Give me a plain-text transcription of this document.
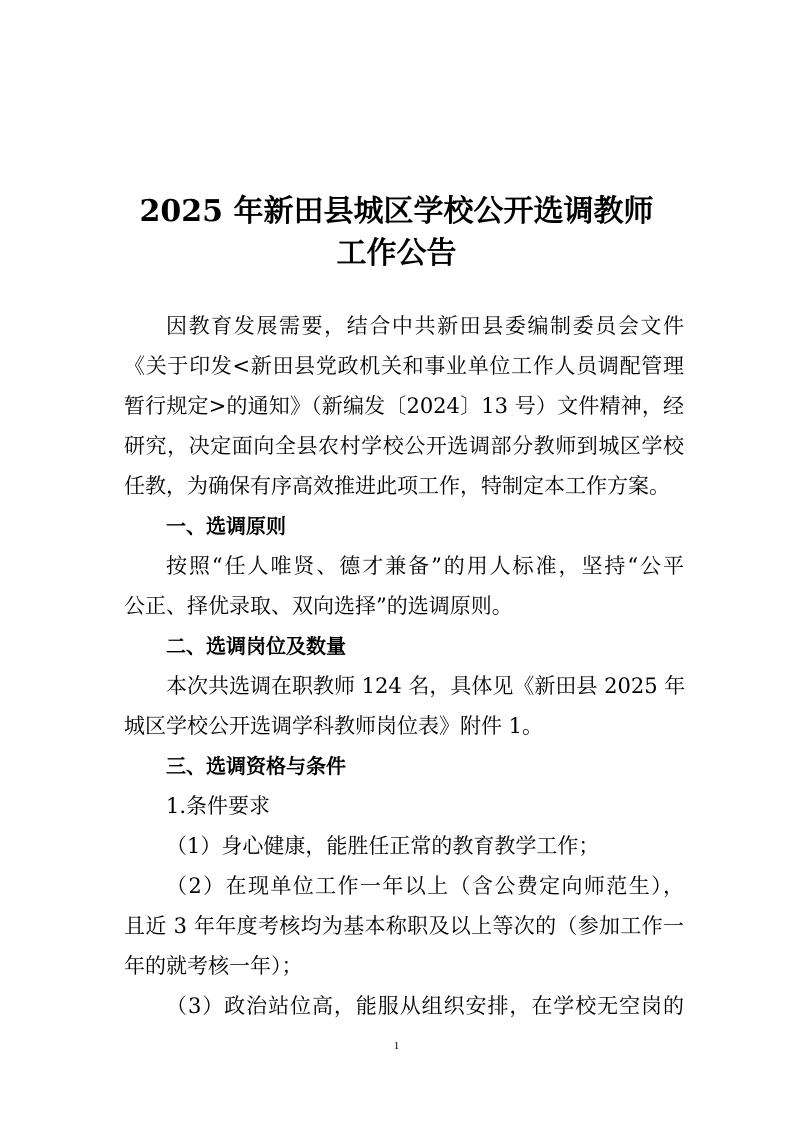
2025 年新田县城区学校公开选调教师
工作公告
因教育发展需要，结合中共新田县委编制委员会文件
《关于印发<新田县党政机关和事业单位工作人员调配管理
暂行规定>的通知》（新编发〔2024〕13 号）文件精神，经
研究，决定面向全县农村学校公开选调部分教师到城区学校
任教，为确保有序高效推进此项工作，特制定本工作方案。
一、选调原则
按照“任人唯贤、德才兼备”的用人标准，坚持“公平
公正、择优录取、双向选择”的选调原则。
二、选调岗位及数量
本次共选调在职教师 124 名，具体见《新田县 2025 年
城区学校公开选调学科教师岗位表》附件 1。
三、选调资格与条件
1.条件要求
（1）身心健康，能胜任正常的教育教学工作；
（2）在现单位工作一年以上（含公费定向师范生），
且近 3 年年度考核均为基本称职及以上等次的（参加工作一
年的就考核一年）；
（3）政治站位高，能服从组织安排，在学校无空岗的
1
